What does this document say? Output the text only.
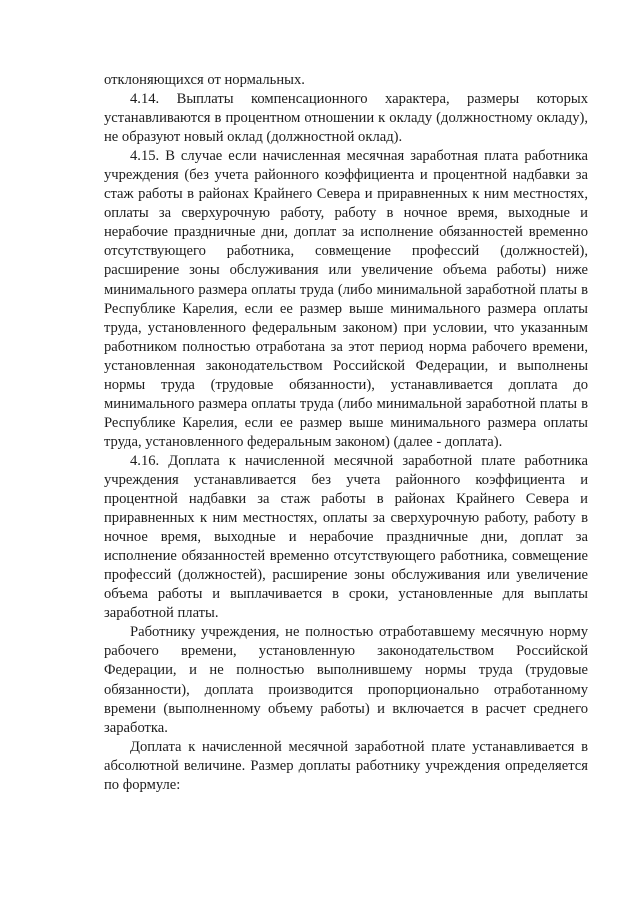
отклоняющихся от нормальных.

4.14. Выплаты компенсационного характера, размеры которых устанавливаются в процентном отношении к окладу (должностному окладу), не образуют новый оклад (должностной оклад).

4.15. В случае если начисленная месячная заработная плата работника учреждения (без учета районного коэффициента и процентной надбавки за стаж работы в районах Крайнего Севера и приравненных к ним местностях, оплаты за сверхурочную работу, работу в ночное время, выходные и нерабочие праздничные дни, доплат за исполнение обязанностей временно отсутствующего работника, совмещение профессий (должностей), расширение зоны обслуживания или увеличение объема работы) ниже минимального размера оплаты труда (либо минимальной заработной платы в Республике Карелия, если ее размер выше минимального размера оплаты труда, установленного федеральным законом) при условии, что указанным работником полностью отработана за этот период норма рабочего времени, установленная законодательством Российской Федерации, и выполнены нормы труда (трудовые обязанности), устанавливается доплата до минимального размера оплаты труда (либо минимальной заработной платы в Республике Карелия, если ее размер выше минимального размера оплаты труда, установленного федеральным законом) (далее - доплата).

4.16. Доплата к начисленной месячной заработной плате работника учреждения устанавливается без учета районного коэффициента и процентной надбавки за стаж работы в районах Крайнего Севера и приравненных к ним местностях, оплаты за сверхурочную работу, работу в ночное время, выходные и нерабочие праздничные дни, доплат за исполнение обязанностей временно отсутствующего работника, совмещение профессий (должностей), расширение зоны обслуживания или увеличение объема работы и выплачивается в сроки, установленные для выплаты заработной платы.

Работнику учреждения, не полностью отработавшему месячную норму рабочего времени, установленную законодательством Российской Федерации, и не полностью выполнившему нормы труда (трудовые обязанности), доплата производится пропорционально отработанному времени (выполненному объему работы) и включается в расчет среднего заработка.

Доплата к начисленной месячной заработной плате устанавливается в абсолютной величине. Размер доплаты работнику учреждения определяется по формуле:
